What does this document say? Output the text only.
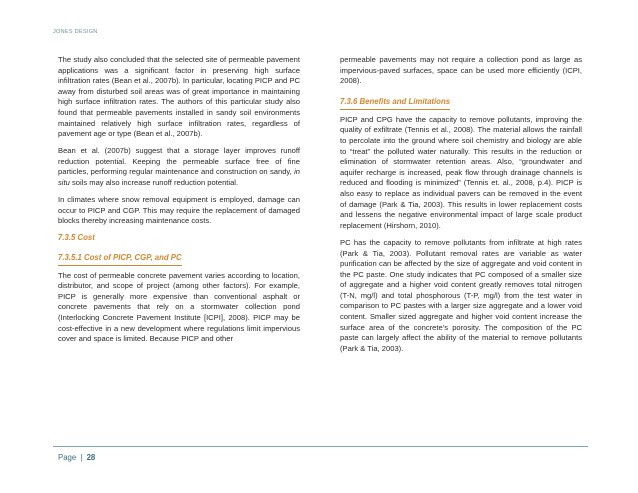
JONES DESIGN

The study also concluded that the selected site of permeable pavement applications was a significant factor in preserving high surface infiltration rates (Bean et al., 2007b). In particular, locating PICP and PC away from disturbed soil areas was of great importance in maintaining high surface infiltration rates. The authors of this particular study also found that permeable pavements installed in sandy soil environments maintained relatively high surface infiltration rates, regardless of pavement age or type (Bean et al., 2007b).

Bean et al. (2007b) suggest that a storage layer improves runoff reduction potential. Keeping the permeable surface free of fine particles, performing regular maintenance and construction on sandy, in situ soils may also increase runoff reduction potential.

In climates where snow removal equipment is employed, damage can occur to PICP and CGP. This may require the replacement of damaged blocks thereby increasing maintenance costs.

7.3.5 Cost
7.3.5.1 Cost of PICP, CGP, and PC

The cost of permeable concrete pavement varies according to location, distributor, and scope of project (among other factors). For example, PICP is generally more expensive than conventional asphalt or concrete pavements that rely on a stormwater collection pond (Interlocking Concrete Pavement Institute [ICPI], 2008). PICP may be cost-effective in a new development where regulations limit impervious cover and space is limited. Because PICP and other

permeable pavements may not require a collection pond as large as impervious-paved surfaces, space can be used more efficiently (ICPI, 2008).

7.3.6 Benefits and Limitations

PICP and CPG have the capacity to remove pollutants, improving the quality of exfiltrate (Tennis et al., 2008). The material allows the rainfall to percolate into the ground where soil chemistry and biology are able to “treat” the polluted water naturally. This results in the reduction or elimination of stormwater retention areas. Also, “groundwater and aquifer recharge is increased, peak flow through drainage channels is reduced and flooding is minimized” (Tennis et. al., 2008, p.4). PICP is also easy to replace as individual pavers can be removed in the event of damage (Park & Tia, 2003). This results in lower replacement costs and lessens the negative environmental impact of large scale product replacement (Hirshorn, 2010).

PC has the capacity to remove pollutants from infiltrate at high rates (Park & Tia, 2003). Pollutant removal rates are variable as water purification can be affected by the size of aggregate and void content in the PC paste. One study indicates that PC composed of a smaller size of aggregate and a higher void content greatly removes total nitrogen (T-N, mg/l) and total phosphorous (T-P, mg/l) from the test water in comparison to PC pastes with a larger size aggregate and a lower void content. Smaller sized aggregate and higher void content increase the surface area of the concrete’s porosity. The composition of the PC paste can largely affect the ability of the material to remove pollutants (Park & Tia, 2003).

Page | 28
